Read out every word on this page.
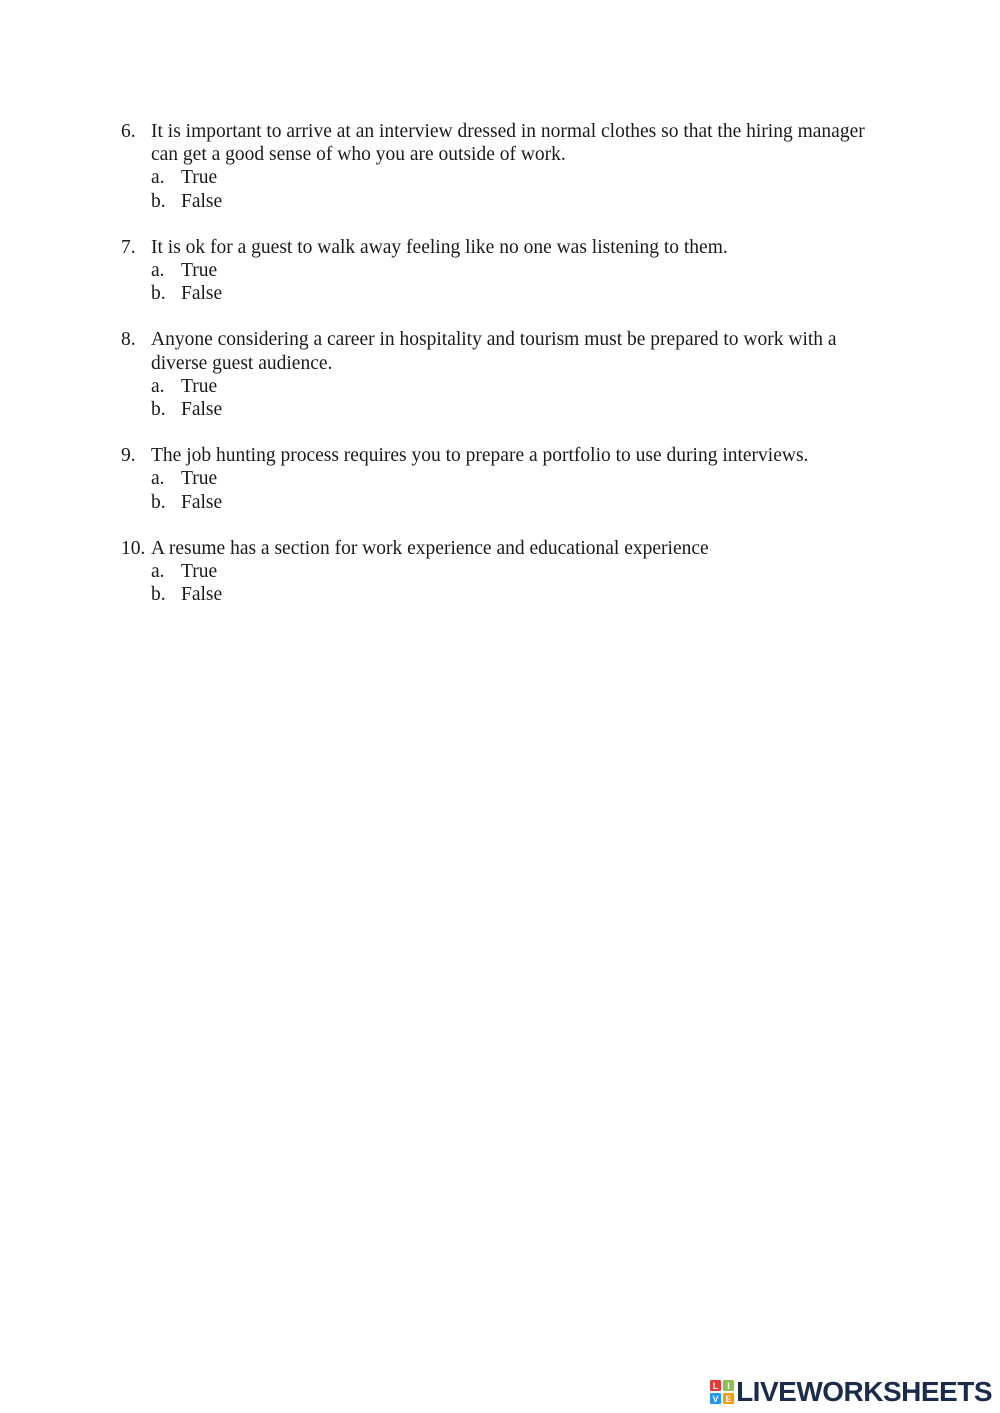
6. It is important to arrive at an interview dressed in normal clothes so that the hiring manager can get a good sense of who you are outside of work.
a. True
b. False
7. It is ok for a guest to walk away feeling like no one was listening to them.
a. True
b. False
8. Anyone considering a career in hospitality and tourism must be prepared to work with a diverse guest audience.
a. True
b. False
9. The job hunting process requires you to prepare a portfolio to use during interviews.
a. True
b. False
10. A resume has a section for work experience and educational experience
a. True
b. False
L I
V E LIVEWORKSHEETS
